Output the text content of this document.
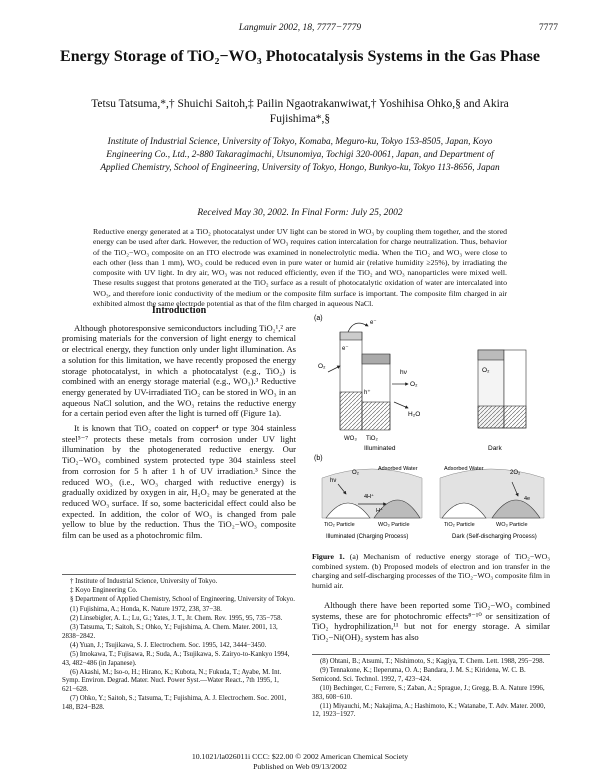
Langmuir 2002, 18, 7777−7779	7777
Energy Storage of TiO₂−WO₃ Photocatalysis Systems in the Gas Phase
Tetsu Tatsuma,*,† Shuichi Saitoh,‡ Pailin Ngaotrakanwiwat,† Yoshihisa Ohko,§ and Akira Fujishima*,§
Institute of Industrial Science, University of Tokyo, Komaba, Meguro-ku, Tokyo 153-8505, Japan, Koyo Engineering Co., Ltd., 2-880 Takaragimachi, Utsunomiya, Tochigi 320-0061, Japan, and Department of Applied Chemistry, School of Engineering, University of Tokyo, Hongo, Bunkyo-ku, Tokyo 113-8656, Japan
Received May 30, 2002. In Final Form: July 25, 2002
Reductive energy generated at a TiO₂ photocatalyst under UV light can be stored in WO₃ by coupling them together, and the stored energy can be used after dark. However, the reduction of WO₃ requires cation intercalation for charge neutralization. Thus, behavior of the TiO₂−WO₃ composite on an ITO electrode was examined in nonelectrolytic media. When the TiO₂ and WO₃ were close to each other (less than 1 mm), WO₃ could be reduced even in pure water or humid air (relative humidity ≥25%), by irradiating the composite with UV light. In dry air, WO₃ was not reduced efficiently, even if the TiO₂ and WO₃ nanoparticles were mixed well. These results suggest that protons generated at the TiO₂ surface as a result of photocatalytic oxidation of water are intercalated into WO₃, and therefore ionic conductivity of the medium or the composite film surface is important. The composite film charged in air exhibited almost the same electrode potential as that of the film charged in aqueous NaCl.
Introduction

Although photoresponsive semiconductors including TiO₂¹,² are promising materials for the conversion of light energy to chemical or electrical energy, they function only under light illumination. As a solution for this limitation, we have recently proposed the energy storage photocatalyst, in which a photocatalyst (e.g., TiO₂) is combined with an energy storage material (e.g., WO₃).³ Reductive energy generated by UV-irradiated TiO₂ can be stored in WO₃ in an aqueous NaCl solution, and the WO₃ retains the reductive energy for a certain period even after the light is turned off (Figure 1a).

It is known that TiO₂ coated on copper⁴ or type 304 stainless steel⁵⁻⁷ protects these metals from corrosion under UV light illumination by the photogenerated reductive energy. Our TiO₂−WO₃ combined system protected type 304 stainless steel from corrosion for 5 h after 1 h of UV irradiation.³ Since the reduced WO₃ (i.e., WO₃ charged with reductive energy) is gradually oxidized by oxygen in air, H₂O₂ may be generated at the reduced WO₃ surface. If so, some bactericidal effect could also be expected. In addition, the color of WO₃ is changed from pale yellow to blue by the reduction. Thus the TiO₂−WO₃ composite film can be used as a photochromic film.

† Institute of Industrial Science, University of Tokyo.

‡ Koyo Engineering Co.

§ Department of Applied Chemistry, School of Engineering, University of Tokyo.

(1) Fujishima, A.; Honda, K. Nature 1972, 238, 37−38.

(2) Linsebigler, A. L.; Lu, G.; Yates, J. T., Jr. Chem. Rev. 1995, 95, 735−758.

(3) Tatsuma, T.; Saitoh, S.; Ohko, Y.; Fujishima, A. Chem. Mater. 2001, 13, 2838−2842.

(4) Yuan, J.; Tsujikawa, S. J. Electrochem. Soc. 1995, 142, 3444−3450.

(5) Imokawa, T.; Fujisawa, R.; Suda, A.; Tsujikawa, S. Zairyo-to-Kankyo 1994, 43, 482−486 (in Japanese).

(6) Akashi, M.; Iso-o, H.; Hirano, K.; Kubota, N.; Fukuda, T.; Ayabe, M. Int. Symp. Environ. Degrad. Mater. Nucl. Power Syst.—Water React., 7th 1995, 1, 621−628.

(7) Ohko, Y.; Saitoh, S.; Tatsuma, T.; Fujishima, A. J. Electrochem. Soc. 2001, 148, B24−B28.

(a)
e⁻
e⁻
h⁺
O₂
O₂
H₂O
hν
WO₃ TiO₂
Illuminated
O₂
Dark
(b)
hν
O₂
Adsorbed Water
4H⁺
H⁺
TiO₂ Particle	WO₃ Particle
Illuminated (Charging Process)
Adsorbed Water
2O₂
4e
TiO₂ Particle	WO₃ Particle
Dark (Self-discharging Process)
Figure 1. (a) Mechanism of reductive energy storage of TiO₂−WO₃ combined system. (b) Proposed models of electron and ion transfer in the charging and self-discharging processes of the TiO₂−WO₃ composite film in humid air.

Although there have been reported some TiO₂−WO₃ combined systems, these are for photochromic effects⁸⁻¹⁰ or sensitization of TiO₂ hydrophilization,¹¹ but not for energy storage. A similar TiO₂−Ni(OH)₂ system has also

(8) Ohtani, B.; Atsumi, T.; Nishimoto, S.; Kagiya, T. Chem. Lett. 1988, 295−298.

(9) Tennakone, K.; Ileperuma, O. A.; Bandara, J. M. S.; Kiridena, W. C. B. Semicond. Sci. Technol. 1992, 7, 423−424.

(10) Bechinger, C.; Ferrere, S.; Zaban, A.; Sprague, J.; Gregg, B. A. Nature 1996, 383, 608−610.

(11) Miyauchi, M.; Nakajima, A.; Hashimoto, K.; Watanabe, T. Adv. Mater. 2000, 12, 1923−1927.

10.1021/la026011i CCC: $22.00 © 2002 American Chemical Society
Published on Web 09/13/2002
